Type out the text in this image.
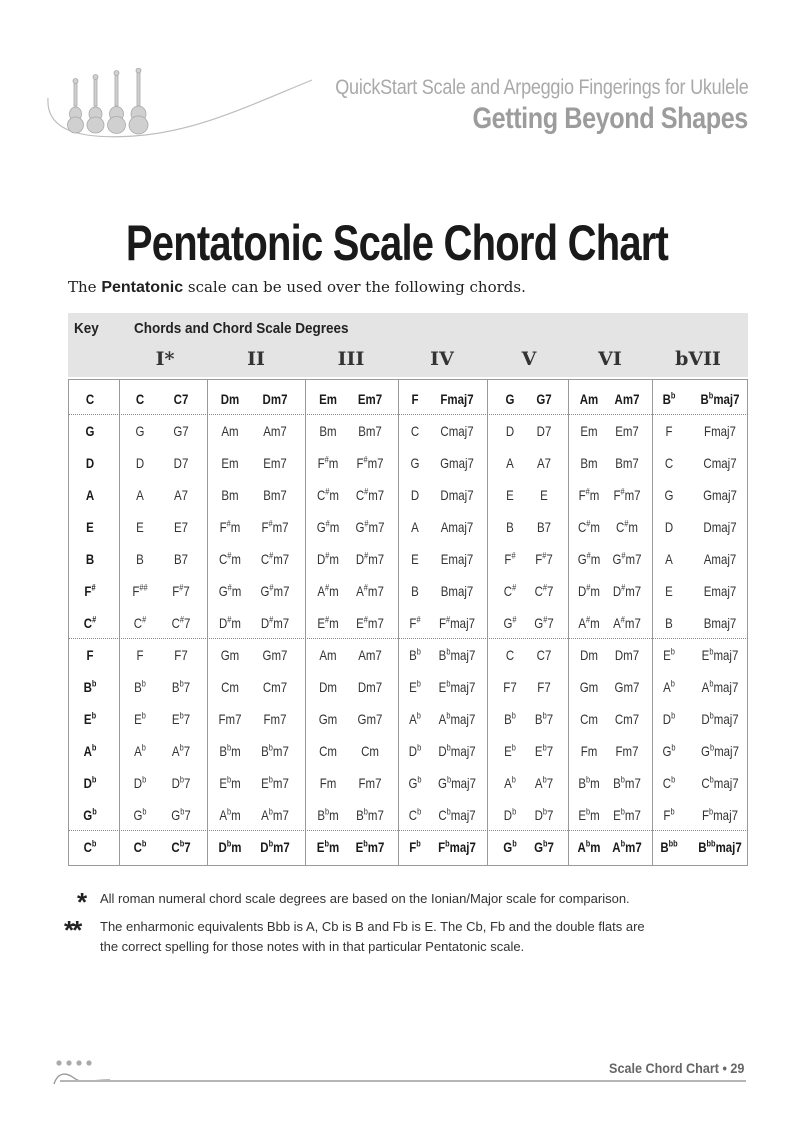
QuickStart Scale and Arpeggio Fingerings for Ukulele
Getting Beyond Shapes
Pentatonic Scale Chord Chart
The Pentatonic scale can be used over the following chords.
Key Chords and Chord Scale Degrees
I*	II	III	IV	V	VI	bVII
C	C C7 Dm Dm7 Em Em7 F Fmaj7 G G7 Am Am7 $B^b$	$B^bmaj7$
G	G G7 Am Am7 Bm Bm7 C Cmaj7 D D7 Em Em7 F Fmaj7
D	D D7 Em Em7 F#m F#m7 G Gmaj7 A A7 Bm Bm7 C Cmaj7
A	A A7 Bm Bm7 C#m C#m7 D Dmaj7 E E F#m F#m7 G Gmaj7
E	E E7 F#m F#m7 G#m G#m7 A Amaj7 B B7 C#m C#m D Dmaj7
B	B B7 C#m C#m7 D#m D#m7 E Emaj7 F# F#7 G#m G#m7 A Amaj7
F#	F## F#7 G#m G#m7 A#m A#m7 B Bmaj7 C# C#7 D#m D#m7 E Emaj7
C#	C# C#7 D#m D#m7 E#m E#m7 F# F#maj7 G# G#7 A#m A#m7 B Bmaj7
F	F F7 Gm Gm7 Am Am7 $B^b$ $B^bmaj7$ C C7 Dm Dm7 $E^b$ $E^bmaj7$
$B^b$	$B^b$ $B^b7$ Cm Cm7 Dm Dm7 $E^b$ $E^bmaj7$ F7 F7 Gm Gm7 $A^b$ $A^bmaj7$
$E^b$	$E^b$ $E^b7$ Fm7 Fm7 Gm Gm7 $A^b$ $A^bmaj7$ $B^b$ $B^b7$ Cm Cm7 $D^b$ $D^bmaj7$
$A^b$	$A^b$ $A^b7$ $B^bm$ $B^bm7$ Cm Cm $D^b$ $D^bmaj7$ $E^b$ $E^b7$ Fm Fm7 $G^b$ $G^bmaj7$
$D^b$	$D^b$ $D^b7$ $E^bm$ $E^bm7$ Fm Fm7 $G^b$ $G^bmaj7$ $A^b$ $A^b7$ $B^bm$ $B^bm7$ $C^b$ $C^bmaj7$
$G^b$	$G^b$ $G^b7$ $A^bm$ $A^bm7$ $B^bm$ $B^bm7$ $C^b$ $C^bmaj7$ $D^b$ $D^b7$ $E^bm$ $E^bm7$ $F^b$ $F^bmaj7$
$C^b$	$C^b$ $C^b7$ $D^bm$ $D^bm7$ $E^bm$ $E^bm7$ $F^b$ $F^bmaj7$ $G^b$ $G^b7$ $A^bm$ $A^bm7$ $B^{bb}$	$B^{bb}maj7$
* All roman numeral chord scale degrees are based on the Ionian/Major scale for comparison.
** The enharmonic equivalents Bbb is A, Cb is B and Fb is E. The Cb, Fb and the double flats are
the correct spelling for those notes with in that particular Pentatonic scale.
Scale Chord Chart • 29
